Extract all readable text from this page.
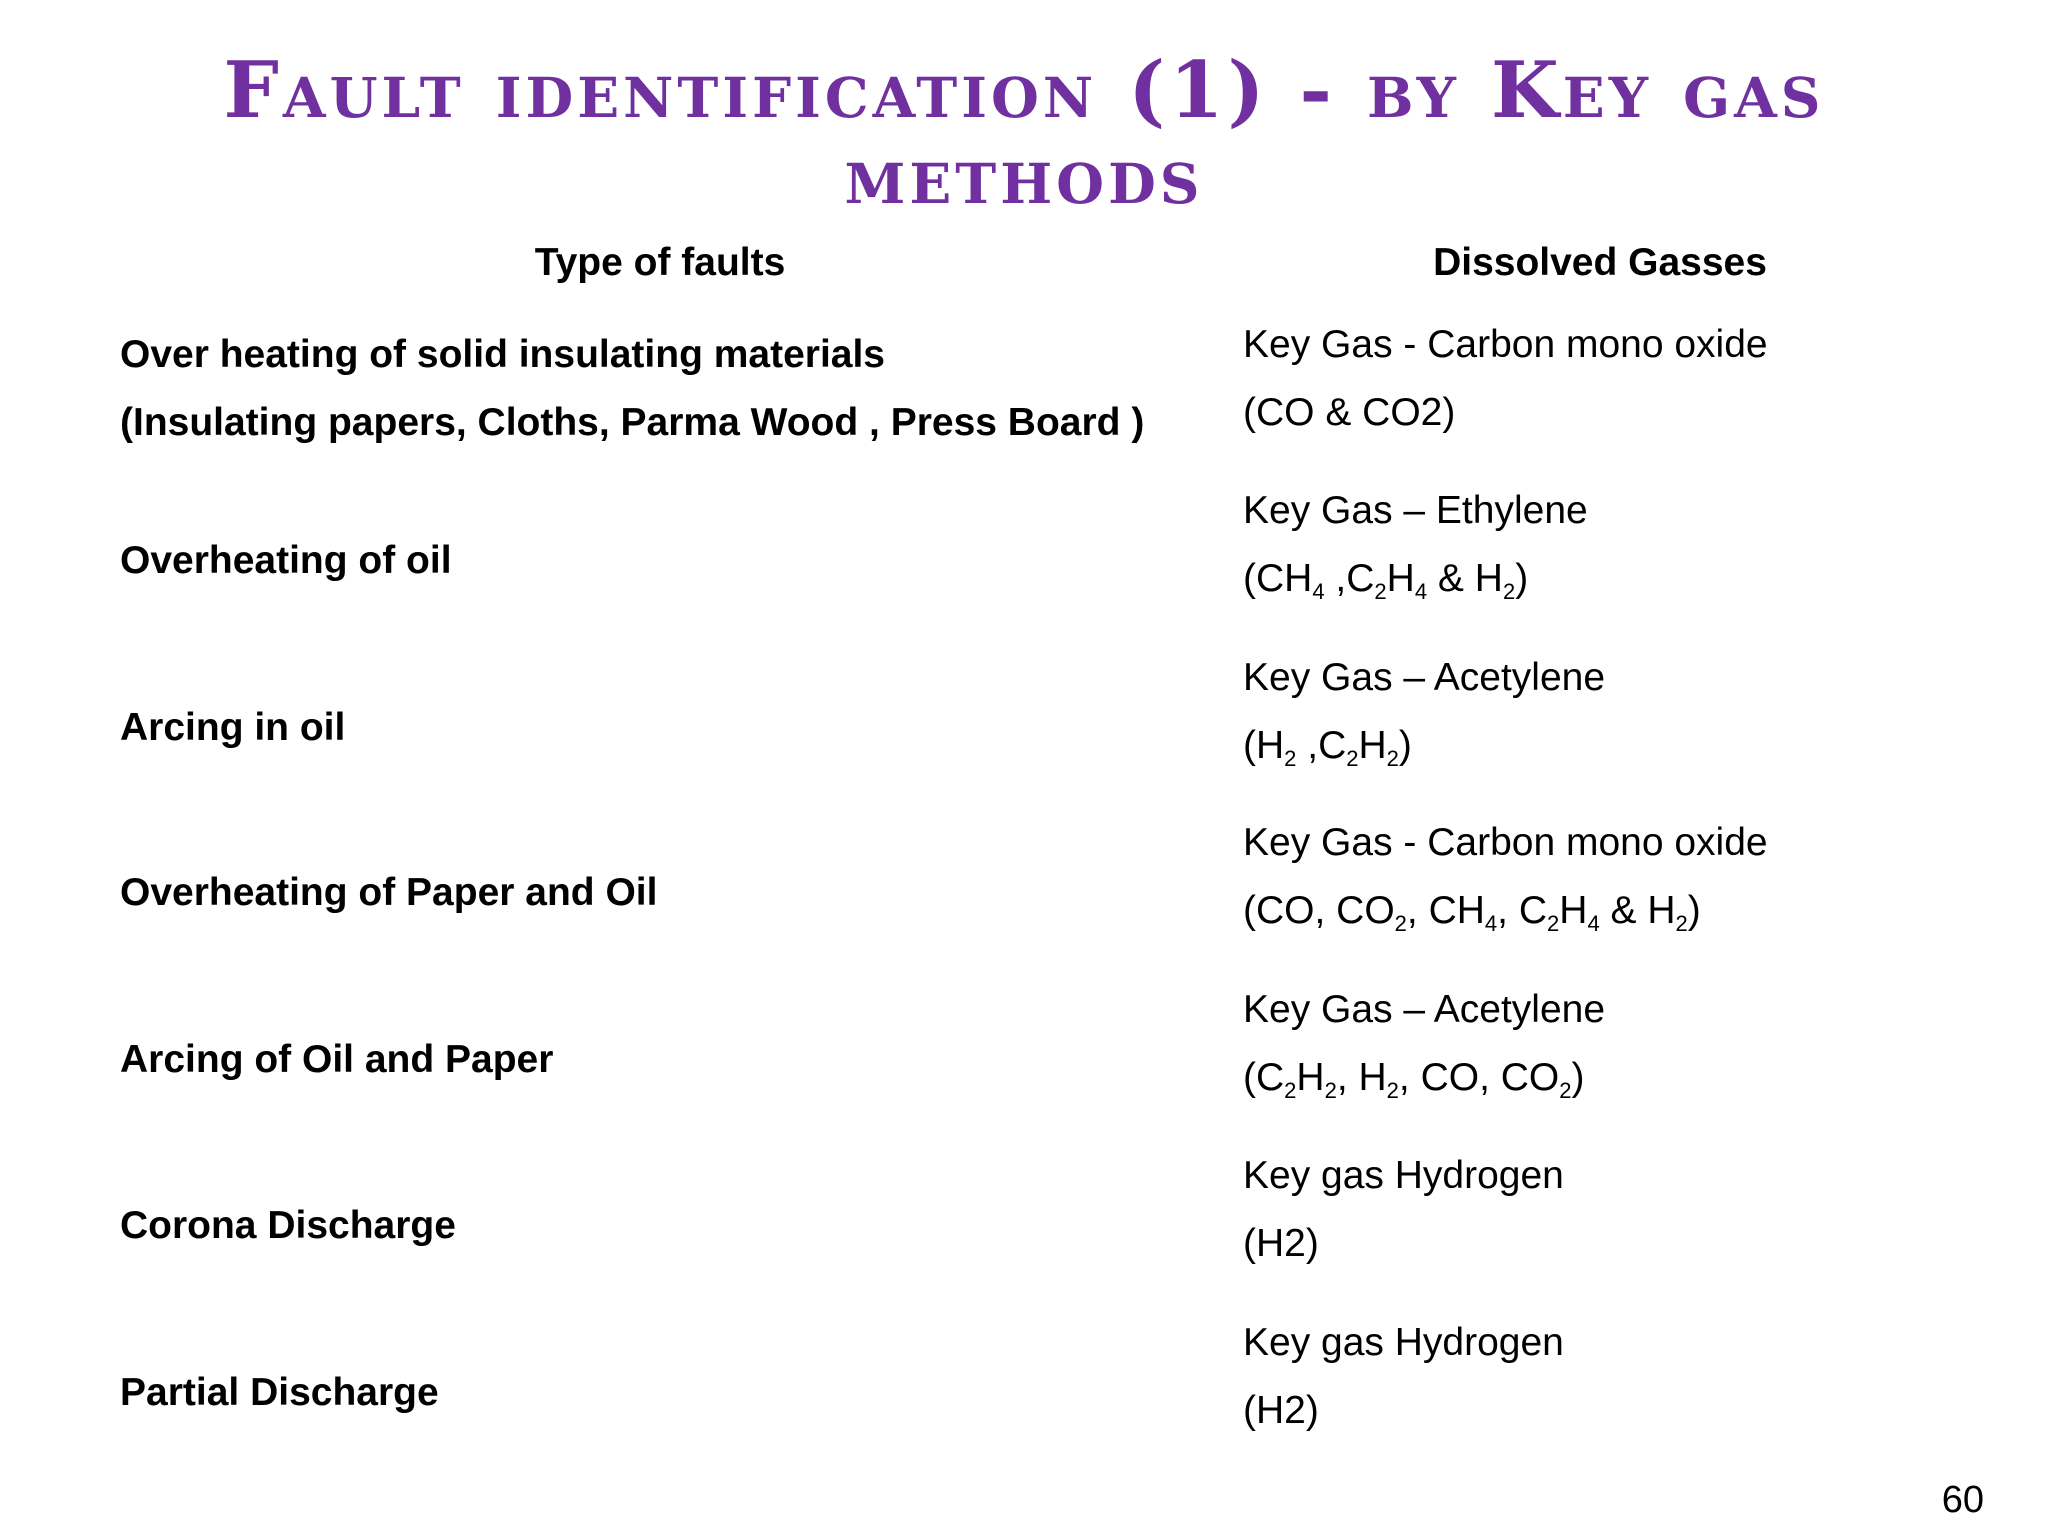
Fault identification (1) - by Key gas
methods
Type of faults	Dissolved Gasses
Over heating of solid insulating materials
(Insulating papers, Cloths, Parma Wood , Press Board )
Key Gas - Carbon mono oxide
(CO & CO2)
Overheating of oil
Key Gas – Ethylene
($CH_4$ $,C_2H_4$ & $H_2$)
Arcing in oil
Key Gas – Acetylene
($H_2$ $,C_2H_2$)
Overheating of Paper and Oil
Key Gas - Carbon mono oxide
(CO, $CO_2$, $CH_4$, $C_2H_4$ & $H_2$)
Arcing of Oil and Paper
Key Gas – Acetylene
($C_2H_2$, $H_2$, CO, $CO_2$)
Corona Discharge
Key gas Hydrogen
(H2)
Partial Discharge
Key gas Hydrogen
(H2)
60
